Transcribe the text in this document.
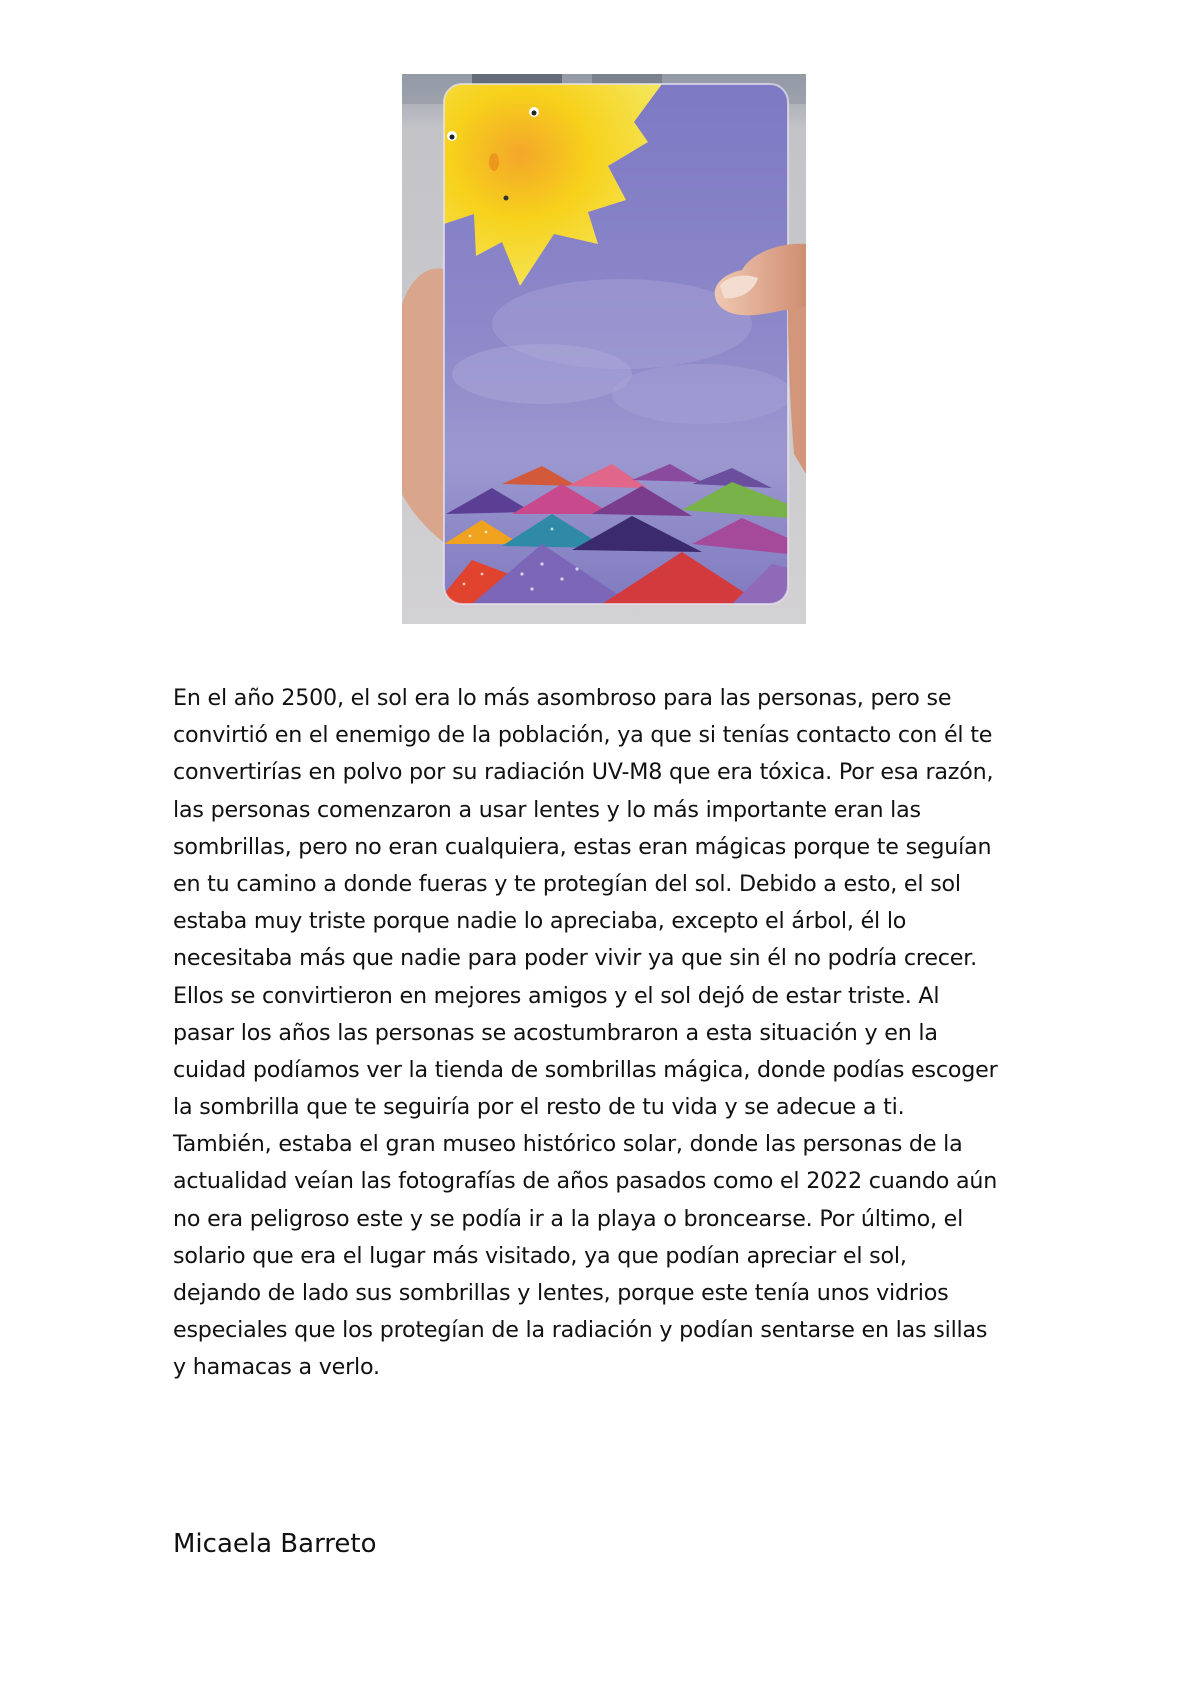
En el año 2500, el sol era lo más asombroso para las personas, pero se
convirtió en el enemigo de la población, ya que si tenías contacto con él te
convertirías en polvo por su radiación UV-M8 que era tóxica. Por esa razón,
las personas comenzaron a usar lentes y lo más importante eran las
sombrillas, pero no eran cualquiera, estas eran mágicas porque te seguían
en tu camino a donde fueras y te protegían del sol. Debido a esto, el sol
estaba muy triste porque nadie lo apreciaba, excepto el árbol, él lo
necesitaba más que nadie para poder vivir ya que sin él no podría crecer.
Ellos se convirtieron en mejores amigos y el sol dejó de estar triste. Al
pasar los años las personas se acostumbraron a esta situación y en la
cuidad podíamos ver la tienda de sombrillas mágica, donde podías escoger
la sombrilla que te seguiría por el resto de tu vida y se adecue a ti.
También, estaba el gran museo histórico solar, donde las personas de la
actualidad veían las fotografías de años pasados como el 2022 cuando aún
no era peligroso este y se podía ir a la playa o broncearse. Por último, el
solario que era el lugar más visitado, ya que podían apreciar el sol,
dejando de lado sus sombrillas y lentes, porque este tenía unos vidrios
especiales que los protegían de la radiación y podían sentarse en las sillas
y hamacas a verlo.
Micaela Barreto
